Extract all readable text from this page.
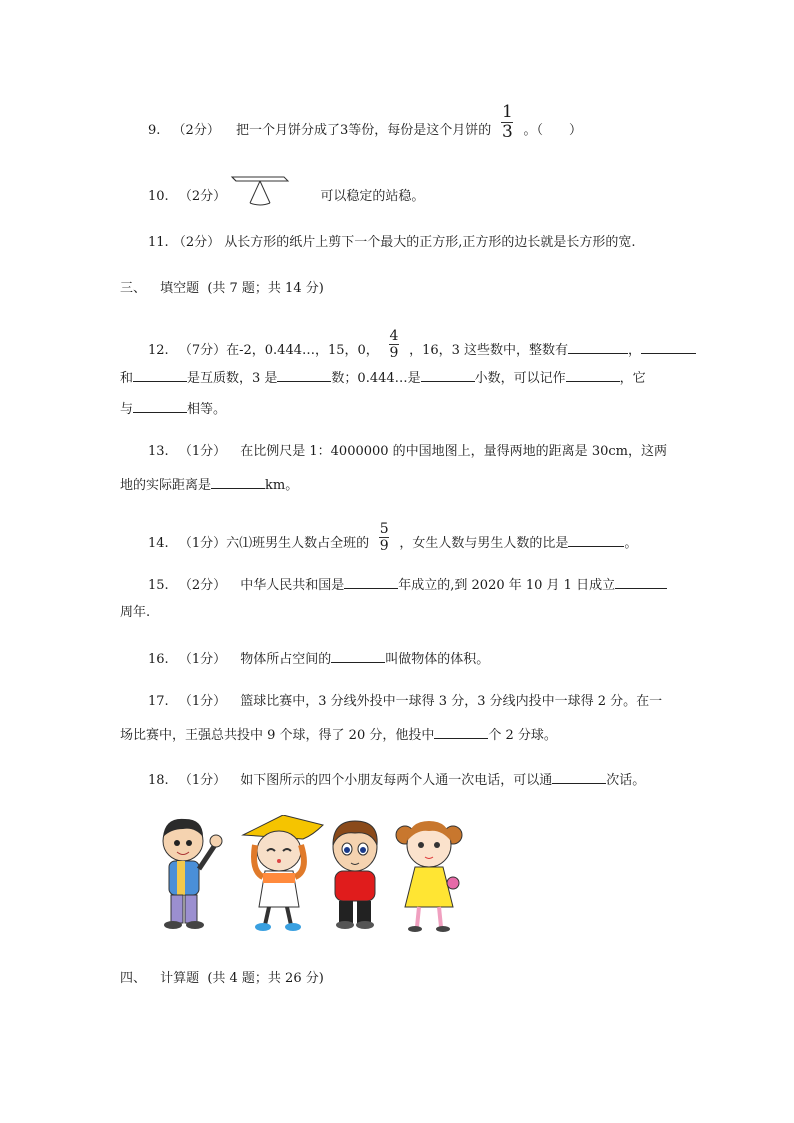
9. （2分） 把一个月饼分成了3等份，每份是这个月饼的 $\frac{1}{3}$ 。（　　）
10. （2分）	可以稳定的站稳。
11. （2分） 从长方形的纸片上剪下一个最大的正方形,正方形的边长就是长方形的宽.
三、 填空题 (共 7 题；共 14 分)
12. （7分）在-2，0.444…，15，0， $\frac{4}{9}$ ，16，3 这些数中，整数有	，
和	是互质数，3 是	数；0.444…是	小数，可以记作	，它
与	相等。
13. （1分） 在比例尺是 1：4000000 的中国地图上，量得两地的距离是 30cm，这两
地的实际距离是	km。
14. （1分）六⑴班男生人数占全班的 $\frac{5}{9}$ ，女生人数与男生人数的比是	。
15. （2分） 中华人民共和国是	年成立的,到 2020 年 10 月 1 日成立
周年.
16. （1分） 物体所占空间的	叫做物体的体积。
17. （1分） 篮球比赛中，3 分线外投中一球得 3 分，3 分线内投中一球得 2 分。在一
场比赛中，王强总共投中 9 个球，得了 20 分，他投中	个 2 分球。
18. （1分） 如下图所示的四个小朋友每两个人通一次电话，可以通	次话。
四、 计算题 (共 4 题；共 26 分)
